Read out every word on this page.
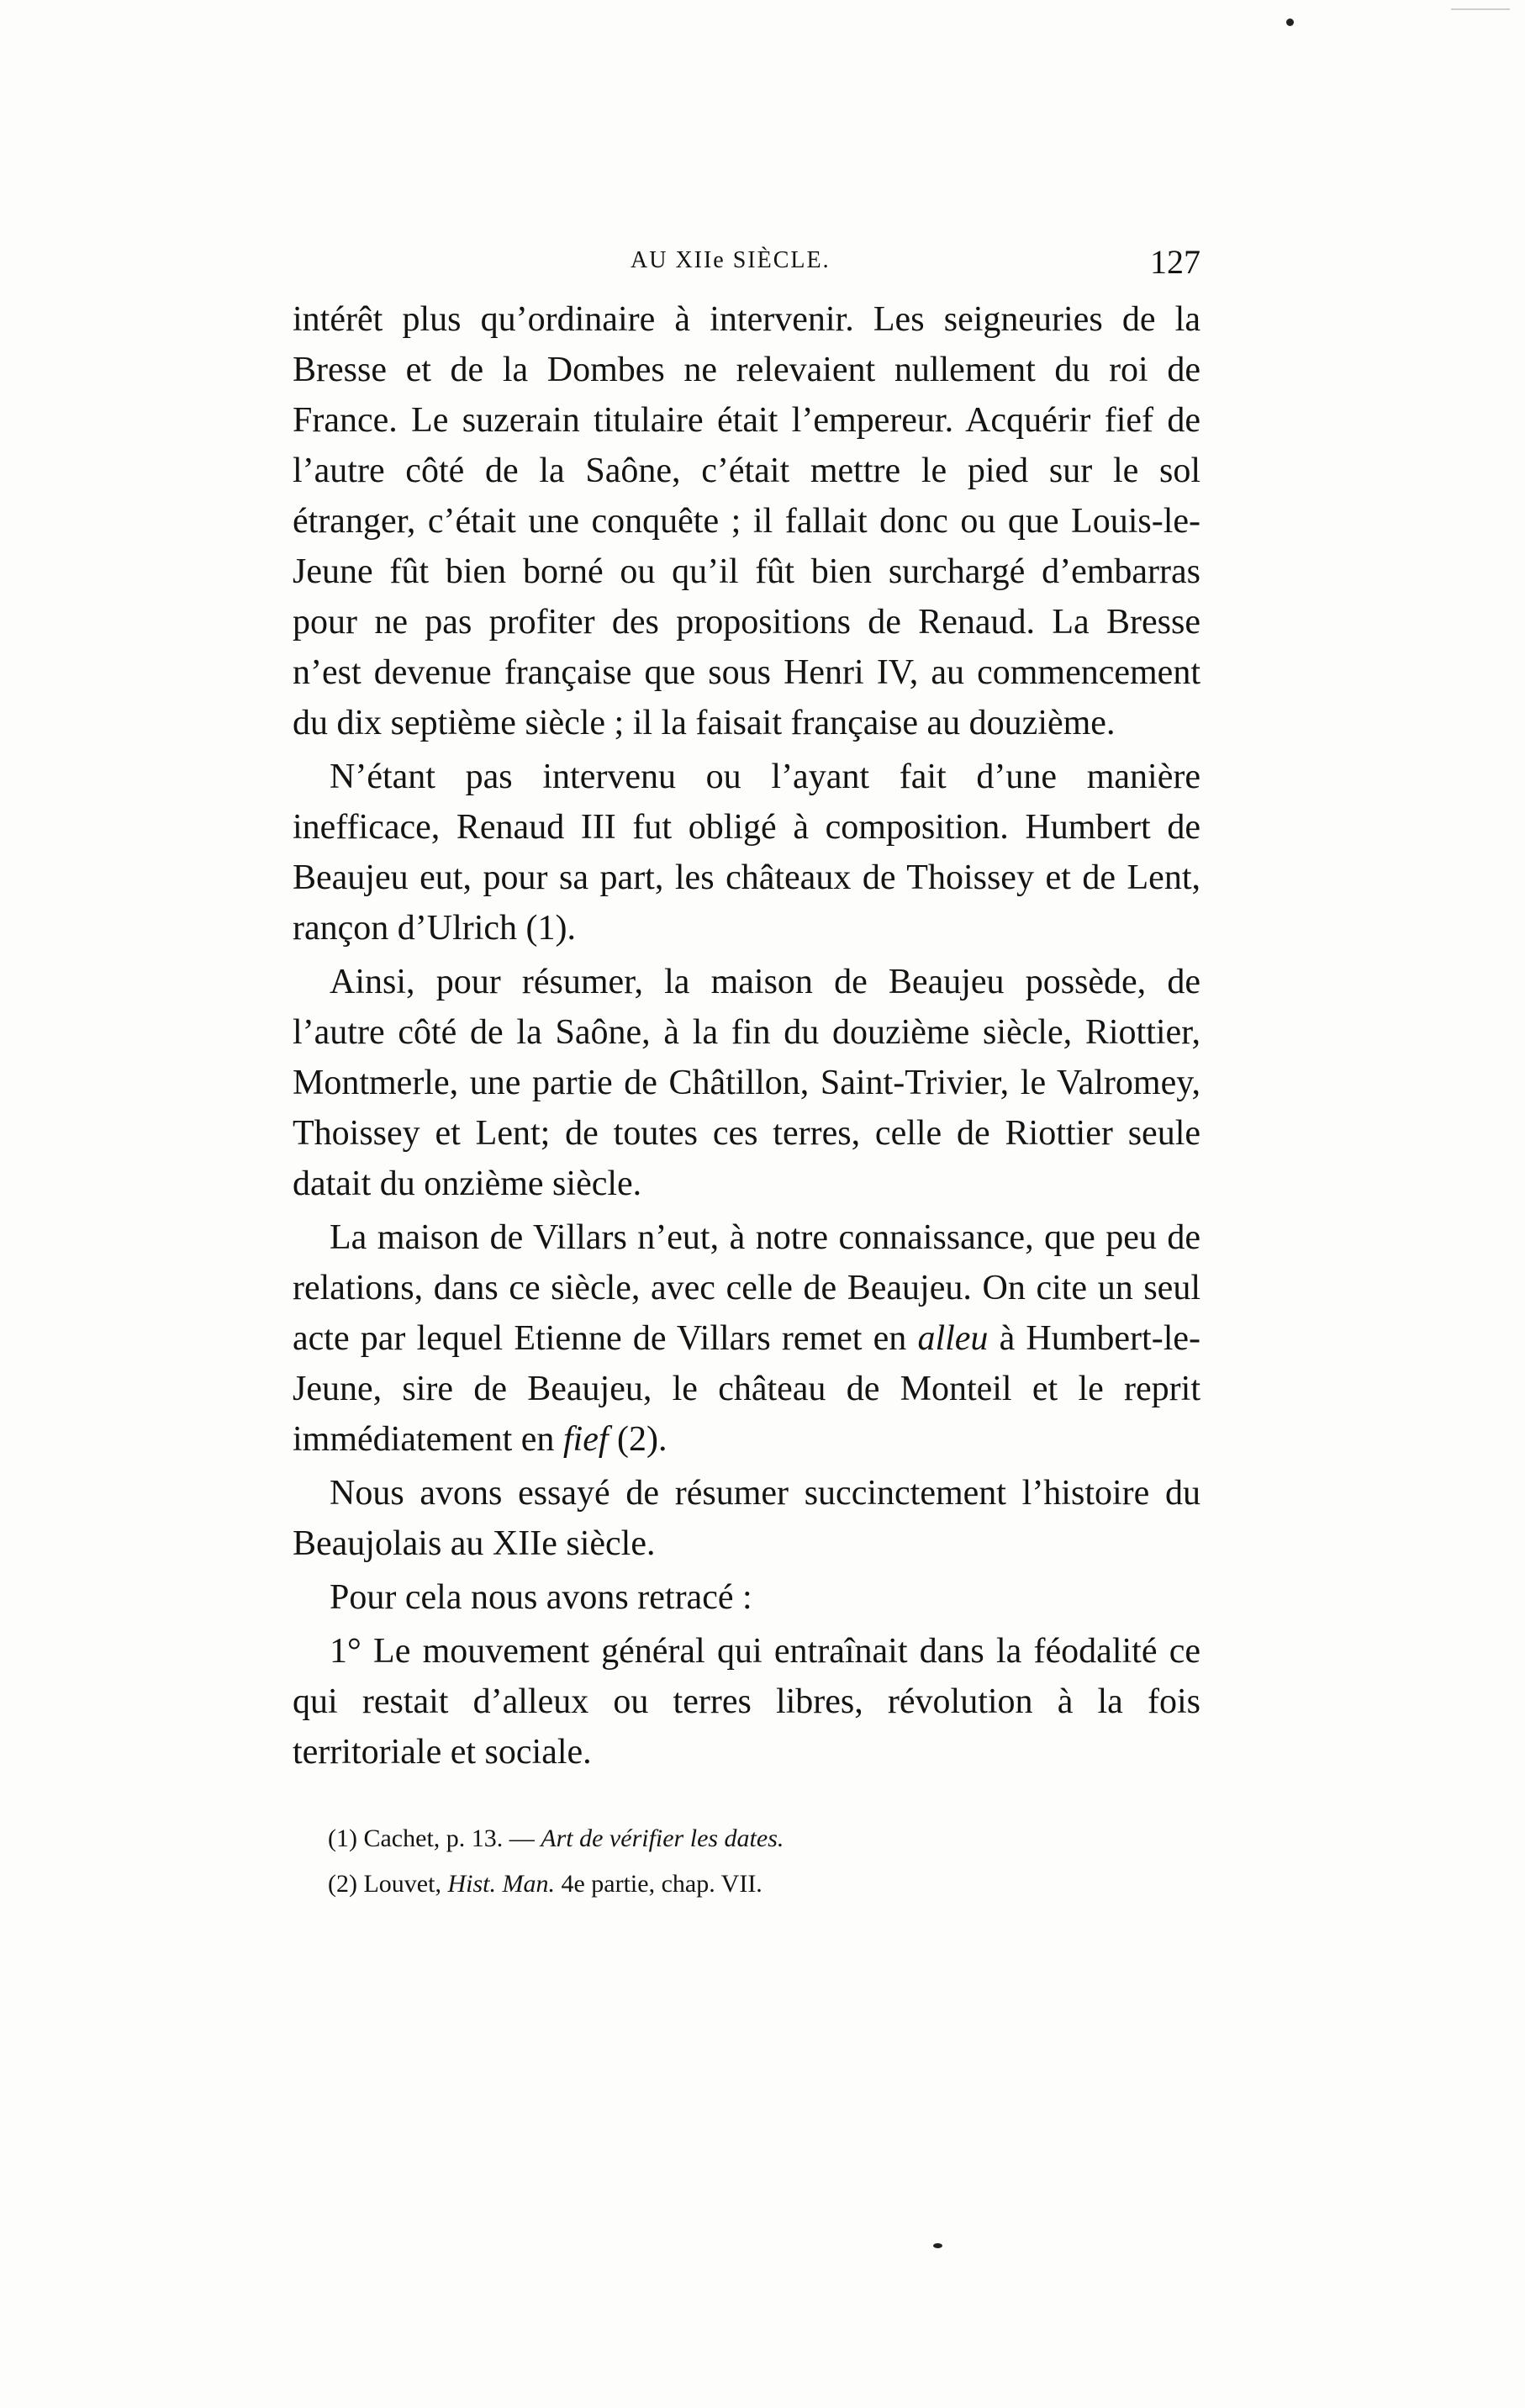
AU XIIe SIÈCLE.	127

intérêt plus qu’ordinaire à intervenir. Les seigneuries de la Bresse et de la Dombes ne relevaient nullement du roi de France. Le suzerain titulaire était l’empereur. Acquérir fief de l’autre côté de la Saône, c’était mettre le pied sur le sol étranger, c’était une conquête ; il fallait donc ou que Louis-le-Jeune fût bien borné ou qu’il fût bien surchargé d’embarras pour ne pas profiter des propositions de Renaud. La Bresse n’est devenue française que sous Henri IV, au commencement du dix septième siècle ; il la faisait française au douzième.

N’étant pas intervenu ou l’ayant fait d’une manière inefficace, Renaud III fut obligé à composition. Humbert de Beaujeu eut, pour sa part, les châteaux de Thoissey et de Lent, rançon d’Ulrich (1).

Ainsi, pour résumer, la maison de Beaujeu possède, de l’autre côté de la Saône, à la fin du douzième siècle, Riottier, Montmerle, une partie de Châtillon, Saint-Trivier, le Valromey, Thoissey et Lent; de toutes ces terres, celle de Riottier seule datait du onzième siècle.

La maison de Villars n’eut, à notre connaissance, que peu de relations, dans ce siècle, avec celle de Beaujeu. On cite un seul acte par lequel Etienne de Villars remet en alleu à Humbert-le-Jeune, sire de Beaujeu, le château de Monteil et le reprit immédiatement en fief (2).

Nous avons essayé de résumer succinctement l’histoire du Beaujolais au XIIe siècle.

Pour cela nous avons retracé :

1° Le mouvement général qui entraînait dans la féodalité ce qui restait d’alleux ou terres libres, révolution à la fois territoriale et sociale.

(1) Cachet, p. 13. — Art de vérifier les dates.

(2) Louvet, Hist. Man. 4e partie, chap. VII.
